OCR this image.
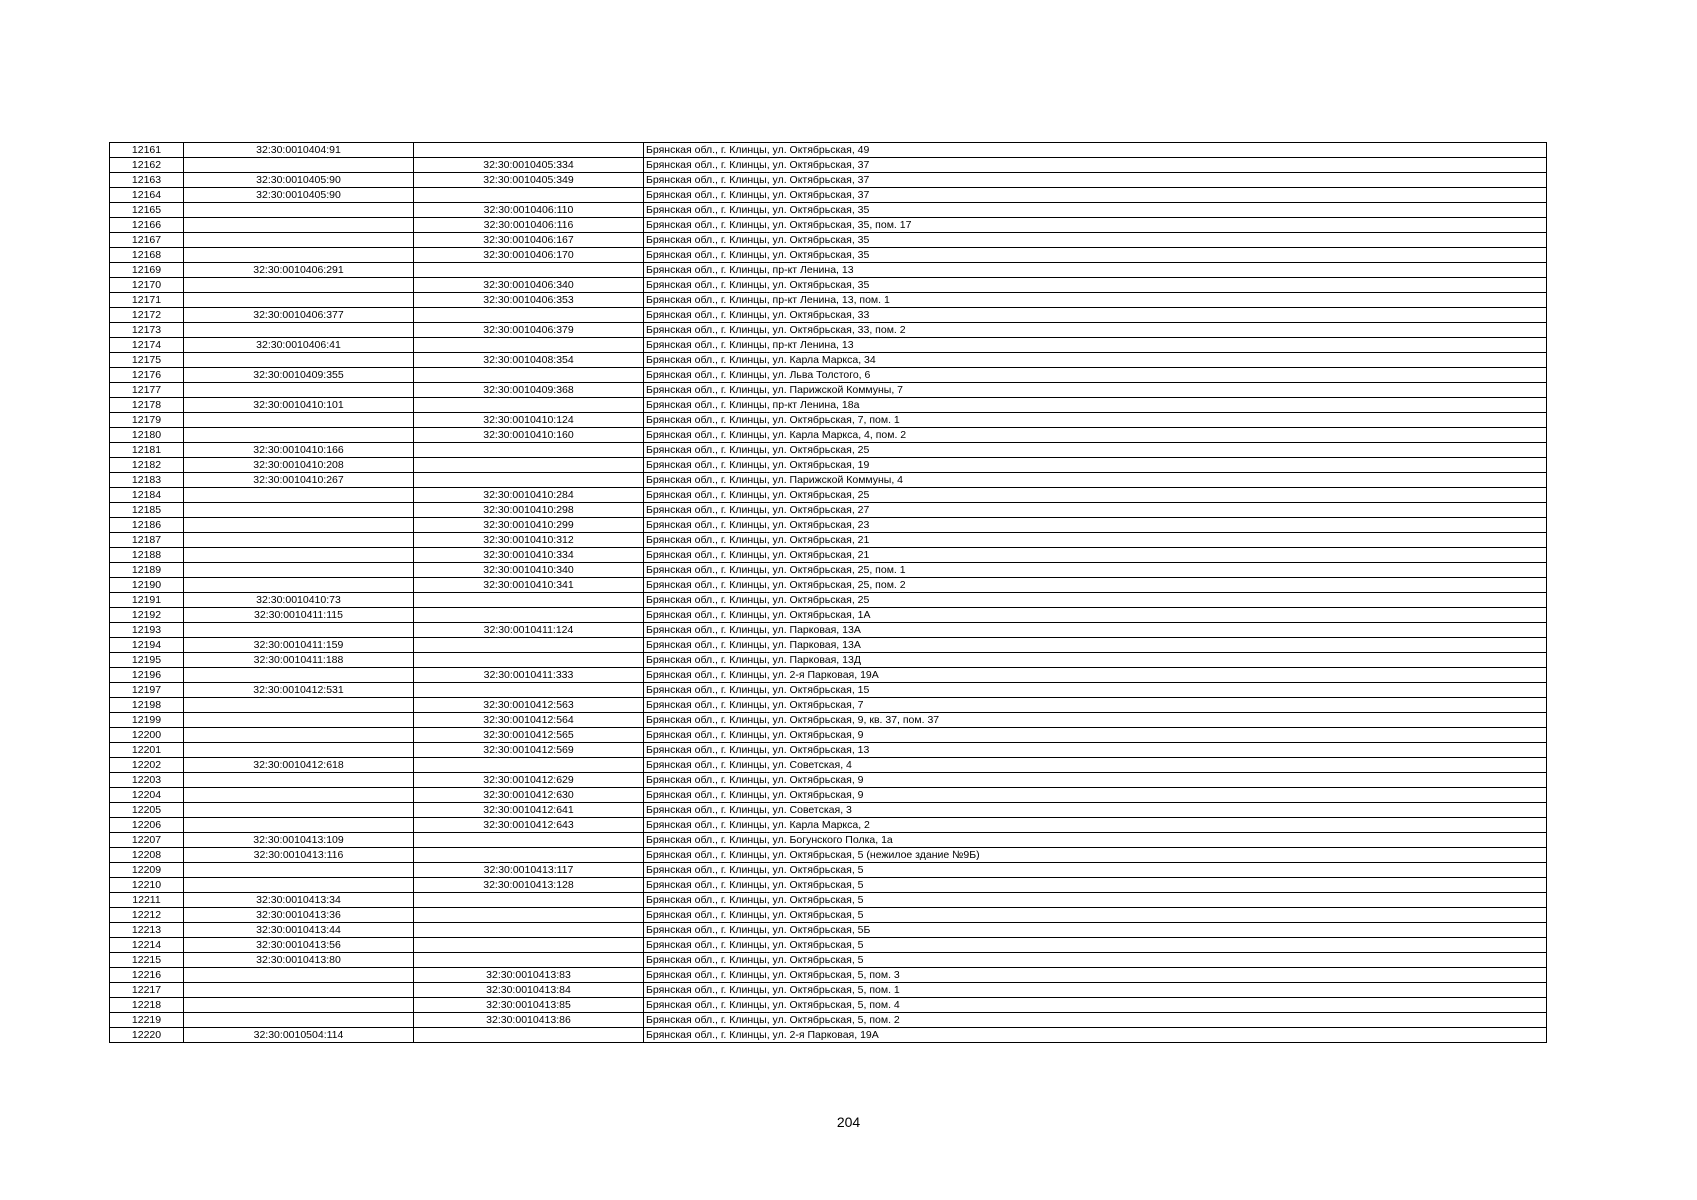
12161	32:30:0010404:91		Брянская обл., г. Клинцы, ул. Октябрьская, 49
12162		32:30:0010405:334	Брянская обл., г. Клинцы, ул. Октябрьская, 37
12163	32:30:0010405:90	32:30:0010405:349	Брянская обл., г. Клинцы, ул. Октябрьская, 37
12164	32:30:0010405:90		Брянская обл., г. Клинцы, ул. Октябрьская, 37
12165		32:30:0010406:110	Брянская обл., г. Клинцы, ул. Октябрьская, 35
12166		32:30:0010406:116	Брянская обл., г. Клинцы, ул. Октябрьская, 35, пом. 17
12167		32:30:0010406:167	Брянская обл., г. Клинцы, ул. Октябрьская, 35
12168		32:30:0010406:170	Брянская обл., г. Клинцы, ул. Октябрьская, 35
12169	32:30:0010406:291		Брянская обл., г. Клинцы, пр-кт Ленина, 13
12170		32:30:0010406:340	Брянская обл., г. Клинцы, ул. Октябрьская, 35
12171		32:30:0010406:353	Брянская обл., г. Клинцы, пр-кт Ленина, 13, пом. 1
12172	32:30:0010406:377		Брянская обл., г. Клинцы, ул. Октябрьская, 33
12173		32:30:0010406:379	Брянская обл., г. Клинцы, ул. Октябрьская, 33, пом. 2
12174	32:30:0010406:41		Брянская обл., г. Клинцы, пр-кт Ленина, 13
12175		32:30:0010408:354	Брянская обл., г. Клинцы, ул. Карла Маркса, 34
12176	32:30:0010409:355		Брянская обл., г. Клинцы, ул. Льва Толстого, 6
12177		32:30:0010409:368	Брянская обл., г. Клинцы, ул. Парижской Коммуны, 7
12178	32:30:0010410:101		Брянская обл., г. Клинцы, пр-кт Ленина, 18а
12179		32:30:0010410:124	Брянская обл., г. Клинцы, ул. Октябрьская, 7, пом. 1
12180		32:30:0010410:160	Брянская обл., г. Клинцы, ул. Карла Маркса, 4, пом. 2
12181	32:30:0010410:166		Брянская обл., г. Клинцы, ул. Октябрьская, 25
12182	32:30:0010410:208		Брянская обл., г. Клинцы, ул. Октябрьская, 19
12183	32:30:0010410:267		Брянская обл., г. Клинцы, ул. Парижской Коммуны, 4
12184		32:30:0010410:284	Брянская обл., г. Клинцы, ул. Октябрьская, 25
12185		32:30:0010410:298	Брянская обл., г. Клинцы, ул. Октябрьская, 27
12186		32:30:0010410:299	Брянская обл., г. Клинцы, ул. Октябрьская, 23
12187		32:30:0010410:312	Брянская обл., г. Клинцы, ул. Октябрьская, 21
12188		32:30:0010410:334	Брянская обл., г. Клинцы, ул. Октябрьская, 21
12189		32:30:0010410:340	Брянская обл., г. Клинцы, ул. Октябрьская, 25, пом. 1
12190		32:30:0010410:341	Брянская обл., г. Клинцы, ул. Октябрьская, 25, пом. 2
12191	32:30:0010410:73		Брянская обл., г. Клинцы, ул. Октябрьская, 25
12192	32:30:0010411:115		Брянская обл., г. Клинцы, ул. Октябрьская, 1А
12193		32:30:0010411:124	Брянская обл., г. Клинцы, ул. Парковая, 13А
12194	32:30:0010411:159		Брянская обл., г. Клинцы, ул. Парковая, 13А
12195	32:30:0010411:188		Брянская обл., г. Клинцы, ул. Парковая, 13Д
12196		32:30:0010411:333	Брянская обл., г. Клинцы, ул. 2-я Парковая, 19А
12197	32:30:0010412:531		Брянская обл., г. Клинцы, ул. Октябрьская, 15
12198		32:30:0010412:563	Брянская обл., г. Клинцы, ул. Октябрьская, 7
12199		32:30:0010412:564	Брянская обл., г. Клинцы, ул. Октябрьская, 9, кв. 37, пом. 37
12200		32:30:0010412:565	Брянская обл., г. Клинцы, ул. Октябрьская, 9
12201		32:30:0010412:569	Брянская обл., г. Клинцы, ул. Октябрьская, 13
12202	32:30:0010412:618		Брянская обл., г. Клинцы, ул. Советская, 4
12203		32:30:0010412:629	Брянская обл., г. Клинцы, ул. Октябрьская, 9
12204		32:30:0010412:630	Брянская обл., г. Клинцы, ул. Октябрьская, 9
12205		32:30:0010412:641	Брянская обл., г. Клинцы, ул. Советская, 3
12206		32:30:0010412:643	Брянская обл., г. Клинцы, ул. Карла Маркса, 2
12207	32:30:0010413:109		Брянская обл., г. Клинцы, ул. Богунского Полка, 1а
12208	32:30:0010413:116		Брянская обл., г. Клинцы, ул. Октябрьская, 5 (нежилое здание №9Б)
12209		32:30:0010413:117	Брянская обл., г. Клинцы, ул. Октябрьская, 5
12210		32:30:0010413:128	Брянская обл., г. Клинцы, ул. Октябрьская, 5
12211	32:30:0010413:34		Брянская обл., г. Клинцы, ул. Октябрьская, 5
12212	32:30:0010413:36		Брянская обл., г. Клинцы, ул. Октябрьская, 5
12213	32:30:0010413:44		Брянская обл., г. Клинцы, ул. Октябрьская, 5Б
12214	32:30:0010413:56		Брянская обл., г. Клинцы, ул. Октябрьская, 5
12215	32:30:0010413:80		Брянская обл., г. Клинцы, ул. Октябрьская, 5
12216		32:30:0010413:83	Брянская обл., г. Клинцы, ул. Октябрьская, 5, пом. 3
12217		32:30:0010413:84	Брянская обл., г. Клинцы, ул. Октябрьская, 5, пом. 1
12218		32:30:0010413:85	Брянская обл., г. Клинцы, ул. Октябрьская, 5, пом. 4
12219		32:30:0010413:86	Брянская обл., г. Клинцы, ул. Октябрьская, 5, пом. 2
12220	32:30:0010504:114		Брянская обл., г. Клинцы, ул. 2-я Парковая, 19А
204
